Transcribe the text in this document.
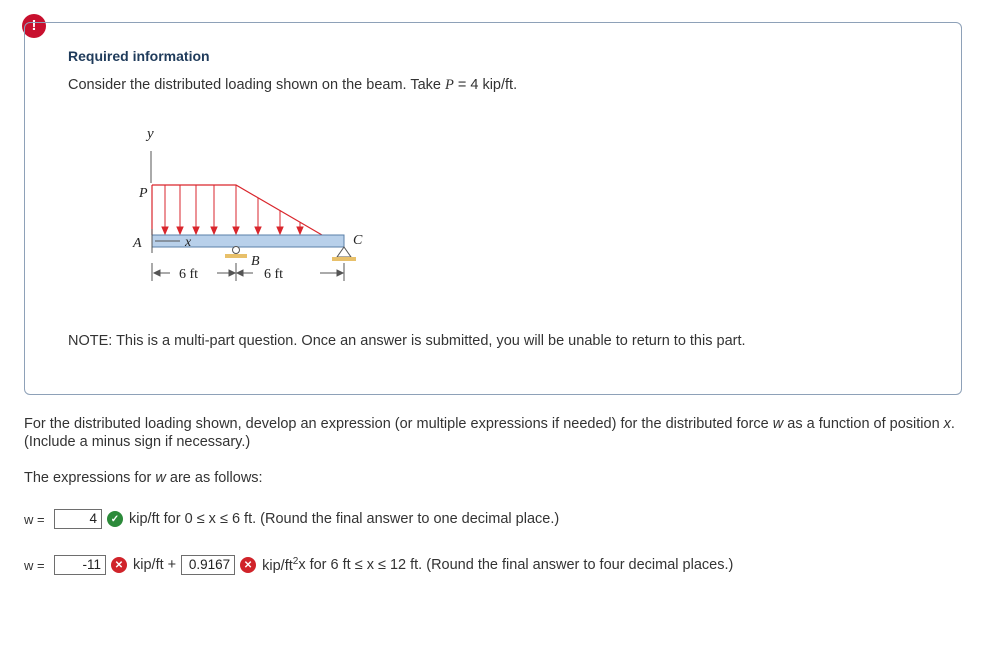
!
Required information
Consider the distributed loading shown on the beam. Take P = 4 kip/ft.
y
P
A	x
B
C
6 ft	6 ft
NOTE: This is a multi-part question. Once an answer is submitted, you will be unable to return to this part.
For the distributed loading shown, develop an expression (or multiple expressions if needed) for the distributed force w as a function of position x. (Include a minus sign if necessary.)
The expressions for w are as follows:
w =	4	✓ kip/ft for 0 ≤ x ≤ 6 ft. (Round the final answer to one decimal place.)
w =	-11	✕ kip/ft + 0.9167	✕ kip/$ft^2$ x for 6 ft ≤ x ≤ 12 ft. (Round the final answer to four decimal places.)
